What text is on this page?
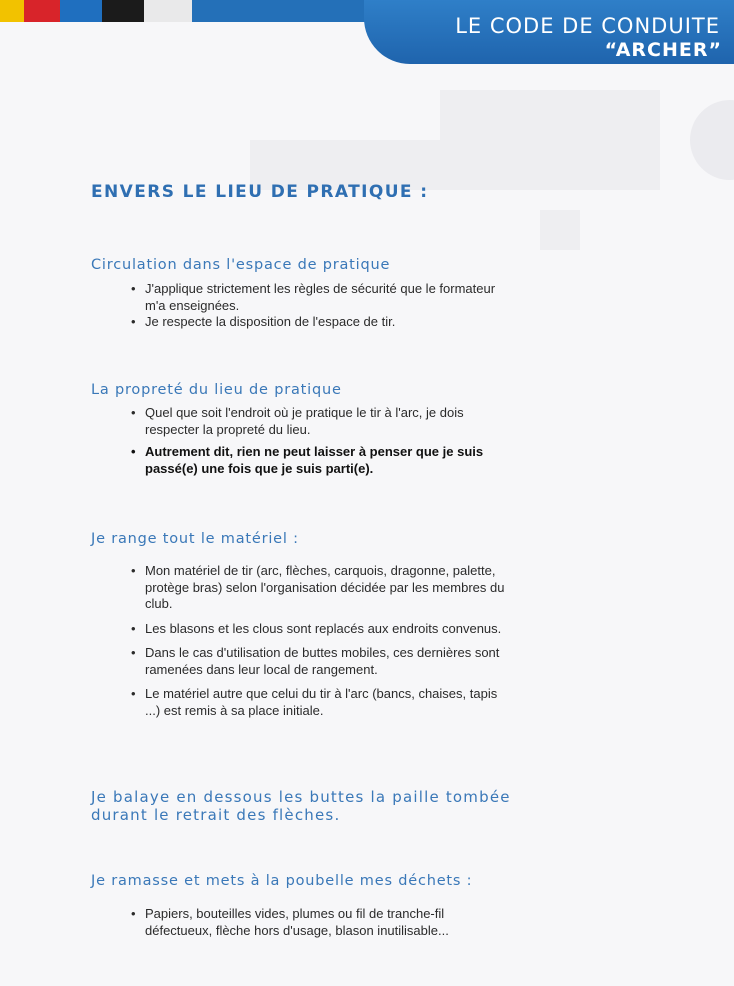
LE CODE DE CONDUITE
“ARCHER”
ENVERS LE LIEU DE PRATIQUE :
Circulation dans l'espace de pratique
• J'applique strictement les règles de sécurité que le formateur m'a enseignées.
• Je respecte la disposition de l'espace de tir.
La propreté du lieu de pratique
• Quel que soit l'endroit où je pratique le tir à l'arc, je dois respecter la propreté du lieu.
• Autrement dit, rien ne peut laisser à penser que je suis passé(e) une fois que je suis parti(e).
Je range tout le matériel :
• Mon matériel de tir (arc, flèches, carquois, dragonne, palette, protège bras) selon l'organisation décidée par les membres du club.
• Les blasons et les clous sont replacés aux endroits convenus.
• Dans le cas d'utilisation de buttes mobiles, ces dernières sont ramenées dans leur local de rangement.
• Le matériel autre que celui du tir à l'arc (bancs, chaises, tapis ...) est remis à sa place initiale.
Je balaye en dessous les buttes la paille tombée durant le retrait des flèches.
Je ramasse et mets à la poubelle mes déchets :
• Papiers, bouteilles vides, plumes ou fil de tranche-fil défectueux, flèche hors d'usage, blason inutilisable...
